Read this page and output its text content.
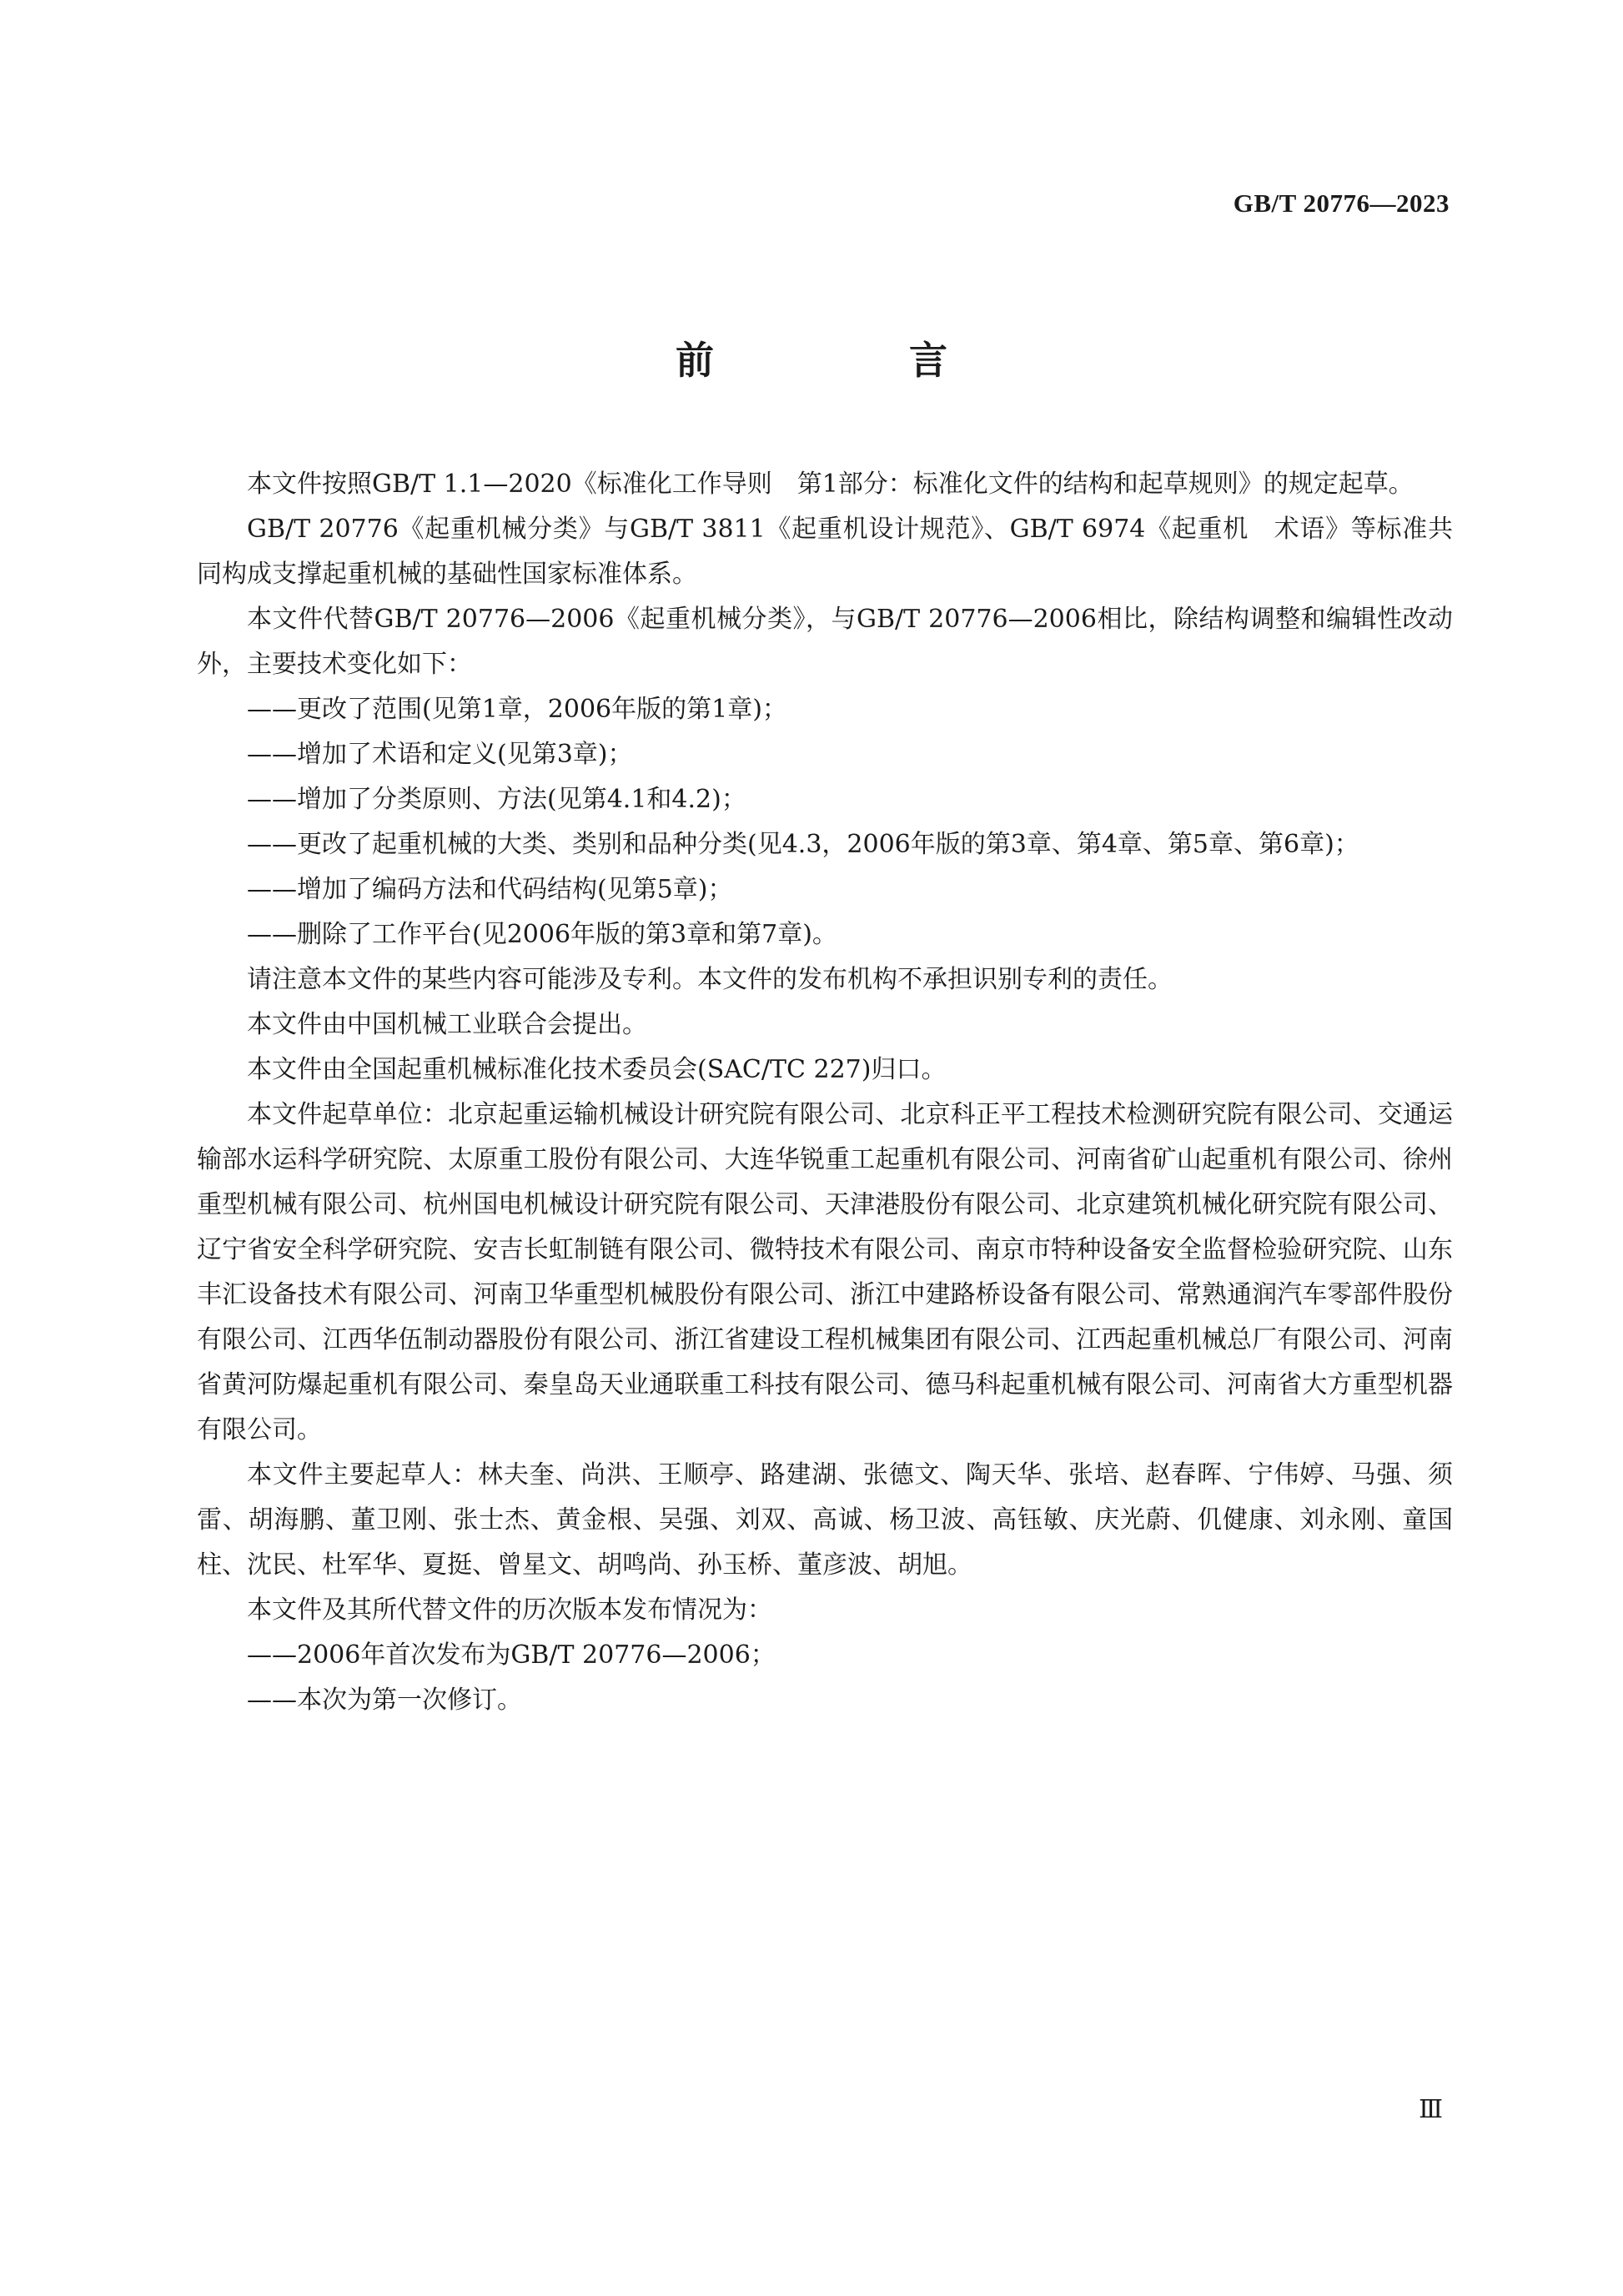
GB/T 20776—2023
前　言

本文件按照GB/T 1.1—2020《标准化工作导则　第1部分：标准化文件的结构和起草规则》的规定起草。

GB/T 20776《起重机械分类》与GB/T 3811《起重机设计规范》、GB/T 6974《起重机　术语》等标准共同构成支撑起重机械的基础性国家标准体系。

本文件代替GB/T 20776—2006《起重机械分类》，与GB/T 20776—2006相比，除结构调整和编辑性改动外，主要技术变化如下：

——更改了范围(见第1章，2006年版的第1章)；

——增加了术语和定义(见第3章)；

——增加了分类原则、方法(见第4.1和4.2)；

——更改了起重机械的大类、类别和品种分类(见4.3，2006年版的第3章、第4章、第5章、第6章)；

——增加了编码方法和代码结构(见第5章)；

——删除了工作平台(见2006年版的第3章和第7章)。

请注意本文件的某些内容可能涉及专利。本文件的发布机构不承担识别专利的责任。

本文件由中国机械工业联合会提出。

本文件由全国起重机械标准化技术委员会(SAC/TC 227)归口。

本文件起草单位：北京起重运输机械设计研究院有限公司、北京科正平工程技术检测研究院有限公司、交通运输部水运科学研究院、太原重工股份有限公司、大连华锐重工起重机有限公司、河南省矿山起重机有限公司、徐州重型机械有限公司、杭州国电机械设计研究院有限公司、天津港股份有限公司、北京建筑机械化研究院有限公司、辽宁省安全科学研究院、安吉长虹制链有限公司、微特技术有限公司、南京市特种设备安全监督检验研究院、山东丰汇设备技术有限公司、河南卫华重型机械股份有限公司、浙江中建路桥设备有限公司、常熟通润汽车零部件股份有限公司、江西华伍制动器股份有限公司、浙江省建设工程机械集团有限公司、江西起重机械总厂有限公司、河南省黄河防爆起重机有限公司、秦皇岛天业通联重工科技有限公司、德马科起重机械有限公司、河南省大方重型机器有限公司。

本文件主要起草人：林夫奎、尚洪、王顺亭、路建湖、张德文、陶天华、张培、赵春晖、宁伟婷、马强、须雷、胡海鹏、董卫刚、张士杰、黄金根、吴强、刘双、高诚、杨卫波、高钰敏、庆光蔚、仉健康、刘永刚、童国柱、沈民、杜军华、夏挺、曾星文、胡鸣尚、孙玉桥、董彦波、胡旭。

本文件及其所代替文件的历次版本发布情况为：

——2006年首次发布为GB/T 20776—2006；

——本次为第一次修订。

Ⅲ
